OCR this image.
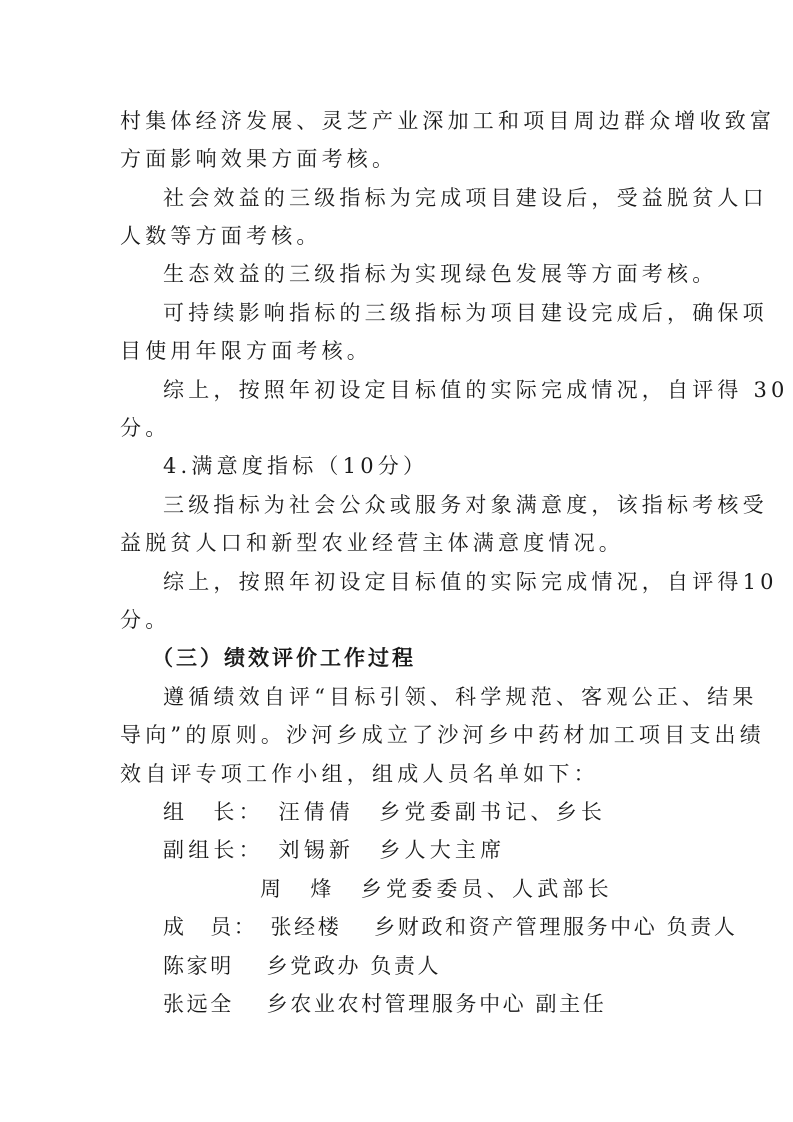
村集体经济发展、灵芝产业深加工和项目周边群众增收致富
方面影响效果方面考核。
社会效益的三级指标为完成项目建设后，受益脱贫人口
人数等方面考核。
生态效益的三级指标为实现绿色发展等方面考核。
可持续影响指标的三级指标为项目建设完成后，确保项
目使用年限方面考核。
综上，按照年初设定目标值的实际完成情况，自评得 30
分。
4.满意度指标（10分）
三级指标为社会公众或服务对象满意度，该指标考核受
益脱贫人口和新型农业经营主体满意度情况。
综上，按照年初设定目标值的实际完成情况，自评得10
分。
（三）绩效评价工作过程
遵循绩效自评“目标引领、科学规范、客观公正、结果
导向”的原则。沙河乡成立了沙河乡中药材加工项目支出绩
效自评专项工作小组，组成人员名单如下：
组　长：　汪倩倩　乡党委副书记、乡长
副组长：　刘锡新　乡人大主席
周　烽　乡党委委员、人武部长
成　员：　张经楼　 乡财政和资产管理服务中心 负责人
陈家明　 乡党政办 负责人
张远全　 乡农业农村管理服务中心 副主任
